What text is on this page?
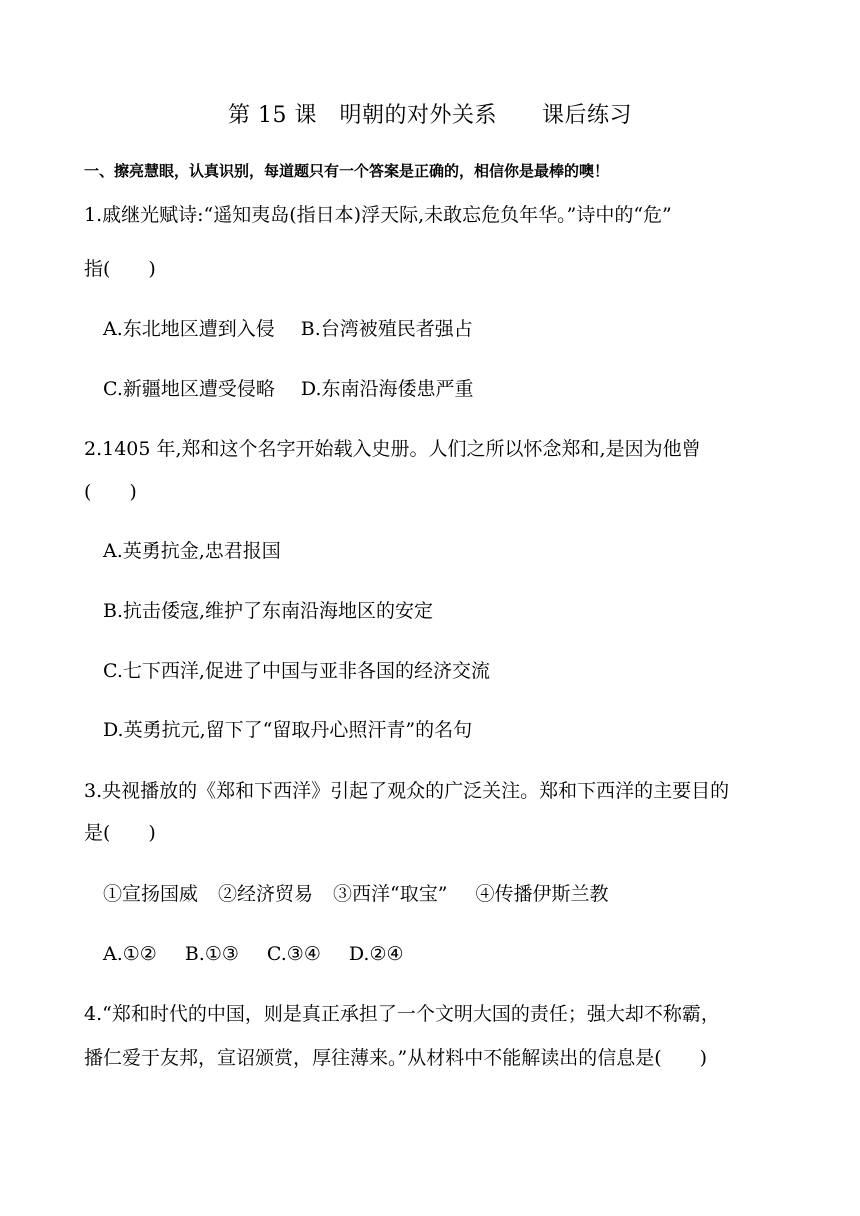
第 15 课   明朝的对外关系      课后练习
一、擦亮慧眼，认真识别，每道题只有一个答案是正确的，相信你是最棒的噢！
1.戚继光赋诗:“遥知夷岛(指日本)浮天际,未敢忘危负年华。”诗中的“危”
指(　　)
A.东北地区遭到入侵 B.台湾被殖民者强占
C.新疆地区遭受侵略 D.东南沿海倭患严重
2.1405 年,郑和这个名字开始载入史册。人们之所以怀念郑和,是因为他曾
(　　)
A.英勇抗金,忠君报国
B.抗击倭寇,维护了东南沿海地区的安定
C.七下西洋,促进了中国与亚非各国的经济交流
D.英勇抗元,留下了“留取丹心照汗青”的名句
3.央视播放的《郑和下西洋》引起了观众的广泛关注。郑和下西洋的主要目的
是(　　)
①宣扬国威 ②经济贸易 ③西洋“取宝” ④传播伊斯兰教
A.①② B.①③ C.③④ D.②④
4.“郑和时代的中国，则是真正承担了一个文明大国的责任；强大却不称霸，
播仁爱于友邦，宣诏颁赏，厚往薄来。”从材料中不能解读出的信息是(　　)
